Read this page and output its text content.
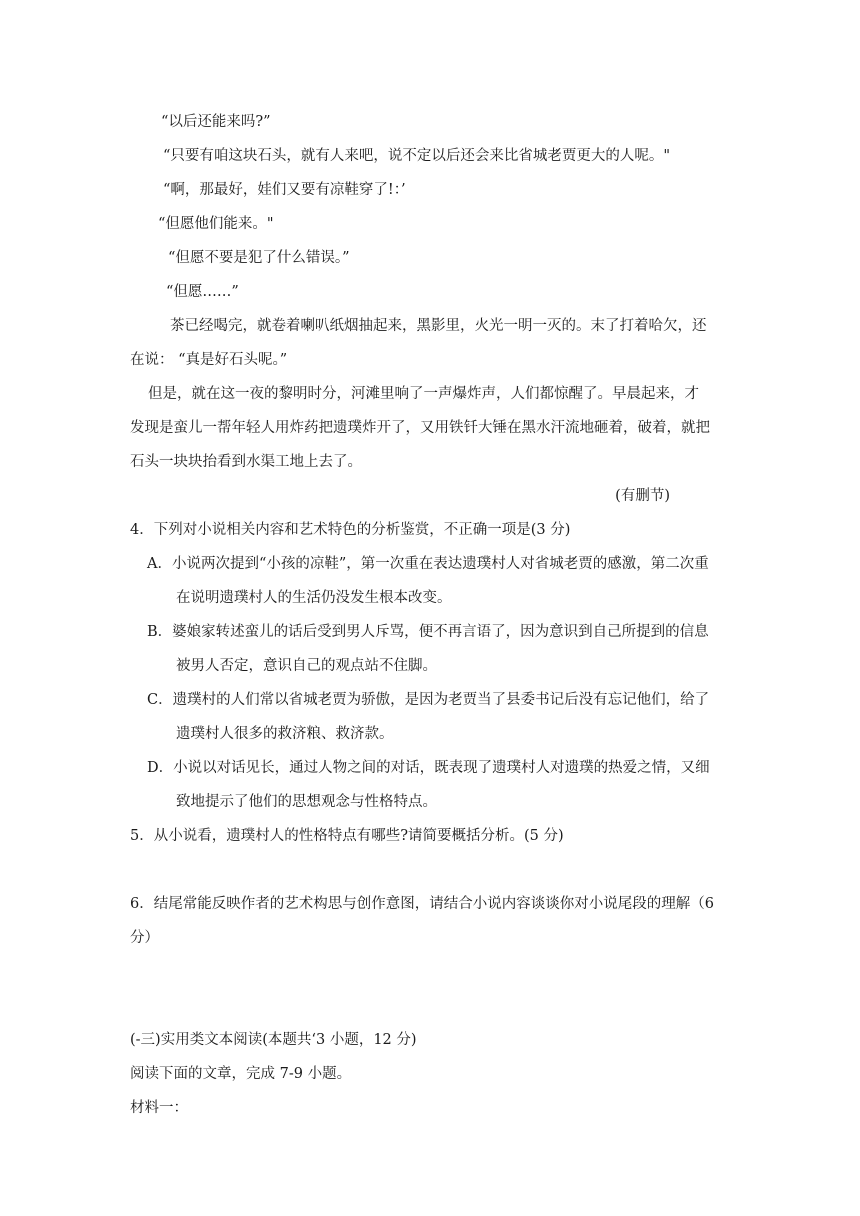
“以后还能来吗?”
“只要有咱这块石头，就有人来吧，说不定以后还会来比省城老贾更大的人呢。"
“啊，那最好，娃们又要有凉鞋穿了!：’
“但愿他们能来。"
“但愿不要是犯了什么错误。”
“但愿……”
茶已经喝完，就卷着喇叭纸烟抽起来，黑影里，火光一明一灭的。末了打着哈欠，还
在说： “真是好石头呢。”
但是，就在这一夜的黎明时分，河滩里响了一声爆炸声，人们都惊醒了。早晨起来，才
发现是蛮儿一帮年轻人用炸药把遗璞炸开了，又用铁钎大锤在黑水汗流地砸着，破着，就把
石头一块块抬看到水渠工地上去了。
(有删节)
4．下列对小说相关内容和艺术特色的分析鉴赏，不正确一项是(3 分)
A．小说两次提到“小孩的凉鞋”，第一次重在表达遗璞村人对省城老贾的感激，第二次重
在说明遗璞村人的生活仍没发生根本改变。
B．婆娘家转述蛮儿的话后受到男人斥骂，便不再言语了，因为意识到自己所提到的信息
被男人否定，意识自己的观点站不住脚。
C．遗璞村的人们常以省城老贾为骄傲，是因为老贾当了县委书记后没有忘记他们，给了
遗璞村人很多的救济粮、救济款。
D．小说以对话见长，通过人物之间的对话，既表现了遗璞村人对遗璞的热爱之情，又细
致地提示了他们的思想观念与性格特点。
5．从小说看，遗璞村人的性格特点有哪些?请简要概括分析。(5 分)
6．结尾常能反映作者的艺术构思与创作意图，请结合小说内容谈谈你对小说尾段的理解（6
分）
(-三)实用类文本阅读(本题共‘3 小题，12 分)
阅读下面的文章，完成 7-9 小题。
材料一：
